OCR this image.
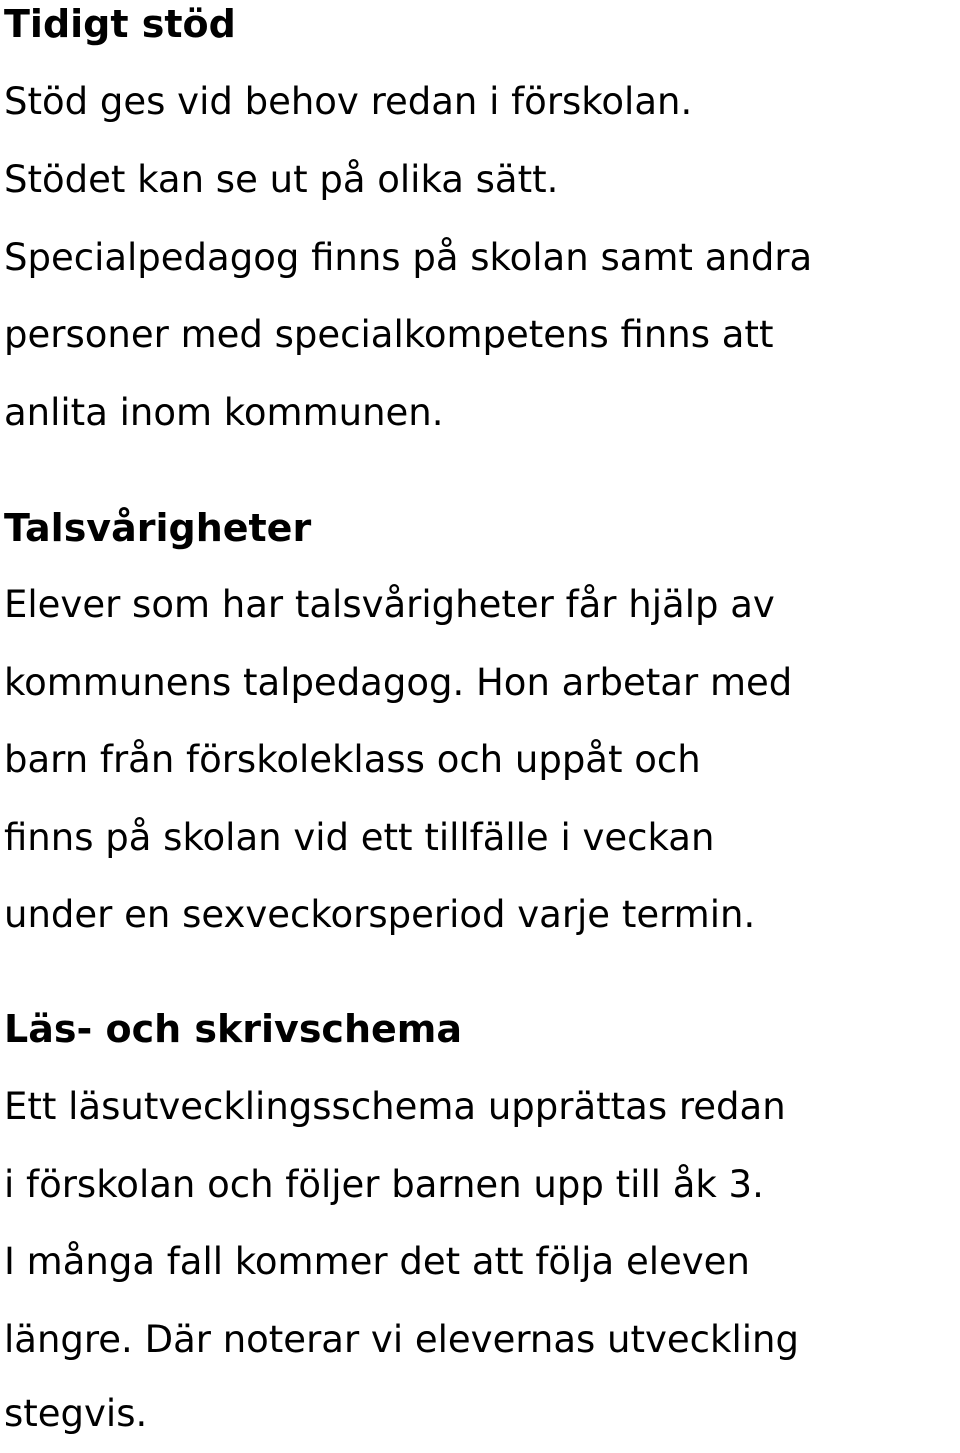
Tidigt stöd
Stöd ges vid behov redan i förskolan.
Stödet kan se ut på olika sätt.
Specialpedagog finns på skolan samt andra
personer med specialkompetens finns att
anlita inom kommunen.
Talsvårigheter
Elever som har talsvårigheter får hjälp av
kommunens talpedagog. Hon arbetar med
barn från förskoleklass och uppåt och
finns på skolan vid ett tillfälle i veckan
under en sexveckorsperiod varje termin.
Läs- och skrivschema
Ett läsutvecklingsschema upprättas redan
i förskolan och följer barnen upp till åk 3.
I många fall kommer det att följa eleven
längre. Där noterar vi elevernas utveckling
stegvis.
